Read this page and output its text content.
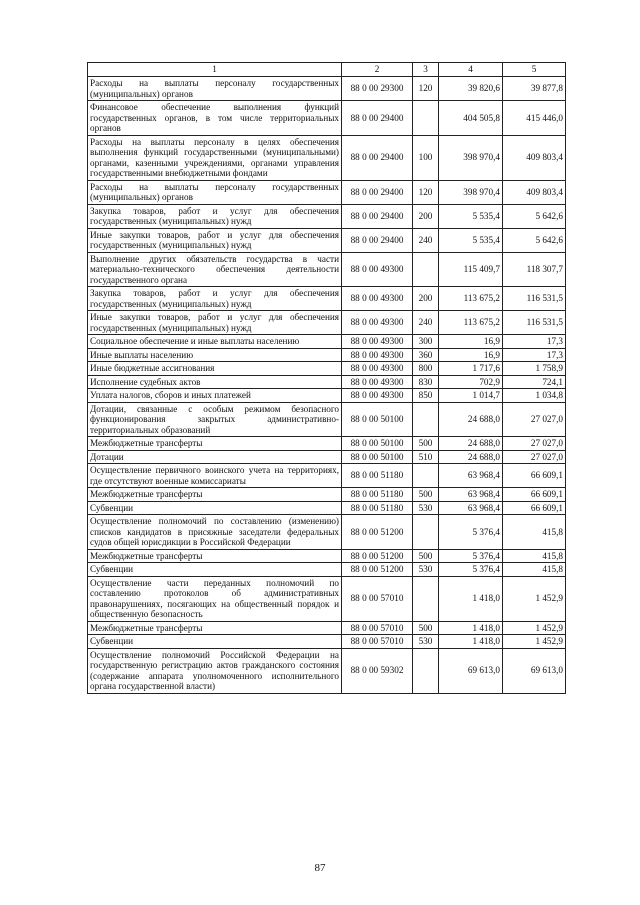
1	2	3	4	5
Расходы на выплаты персоналу государственных (муниципальных) органов	88 0 00 29300	120	39 820,6	39 877,8
Финансовое обеспечение выполнения функций государственных органов, в том числе территориальных органов	88 0 00 29400		404 505,8	415 446,0
Расходы на выплаты персоналу в целях обеспечения выполнения функций государственными (муниципальными) органами, казенными учреждениями, органами управления государственными внебюджетными фондами	88 0 00 29400	100	398 970,4	409 803,4
Расходы на выплаты персоналу государственных (муниципальных) органов	88 0 00 29400	120	398 970,4	409 803,4
Закупка товаров, работ и услуг для обеспечения государственных (муниципальных) нужд	88 0 00 29400	200	5 535,4	5 642,6
Иные закупки товаров, работ и услуг для обеспечения государственных (муниципальных) нужд	88 0 00 29400	240	5 535,4	5 642,6
Выполнение других обязательств государства в части материально-технического обеспечения деятельности государственного органа	88 0 00 49300		115 409,7	118 307,7
Закупка товаров, работ и услуг для обеспечения государственных (муниципальных) нужд	88 0 00 49300	200	113 675,2	116 531,5
Иные закупки товаров, работ и услуг для обеспечения государственных (муниципальных) нужд	88 0 00 49300	240	113 675,2	116 531,5
Социальное обеспечение и иные выплаты населению	88 0 00 49300	300	16,9	17,3
Иные выплаты населению	88 0 00 49300	360	16,9	17,3
Иные бюджетные ассигнования	88 0 00 49300	800	1 717,6	1 758,9
Исполнение судебных актов	88 0 00 49300	830	702,9	724,1
Уплата налогов, сборов и иных платежей	88 0 00 49300	850	1 014,7	1 034,8
Дотации, связанные с особым режимом безопасного функционирования закрытых административно-территориальных образований	88 0 00 50100		24 688,0	27 027,0
Межбюджетные трансферты	88 0 00 50100	500	24 688,0	27 027,0
Дотации	88 0 00 50100	510	24 688,0	27 027,0
Осуществление первичного воинского учета на территориях, где отсутствуют военные комиссариаты	88 0 00 51180		63 968,4	66 609,1
Межбюджетные трансферты	88 0 00 51180	500	63 968,4	66 609,1
Субвенции	88 0 00 51180	530	63 968,4	66 609,1
Осуществление полномочий по составлению (изменению) списков кандидатов в присяжные заседатели федеральных судов общей юрисдикции в Российской Федерации	88 0 00 51200		5 376,4	415,8
Межбюджетные трансферты	88 0 00 51200	500	5 376,4	415,8
Субвенции	88 0 00 51200	530	5 376,4	415,8
Осуществление части переданных полномочий по составлению протоколов об административных правонарушениях, посягающих на общественный порядок и общественную безопасность	88 0 00 57010		1 418,0	1 452,9
Межбюджетные трансферты	88 0 00 57010	500	1 418,0	1 452,9
Субвенции	88 0 00 57010	530	1 418,0	1 452,9
Осуществление полномочий Российской Федерации на государственную регистрацию актов гражданского состояния (содержание аппарата уполномоченного исполнительного органа государственной власти)	88 0 00 59302		69 613,0	69 613,0
87
